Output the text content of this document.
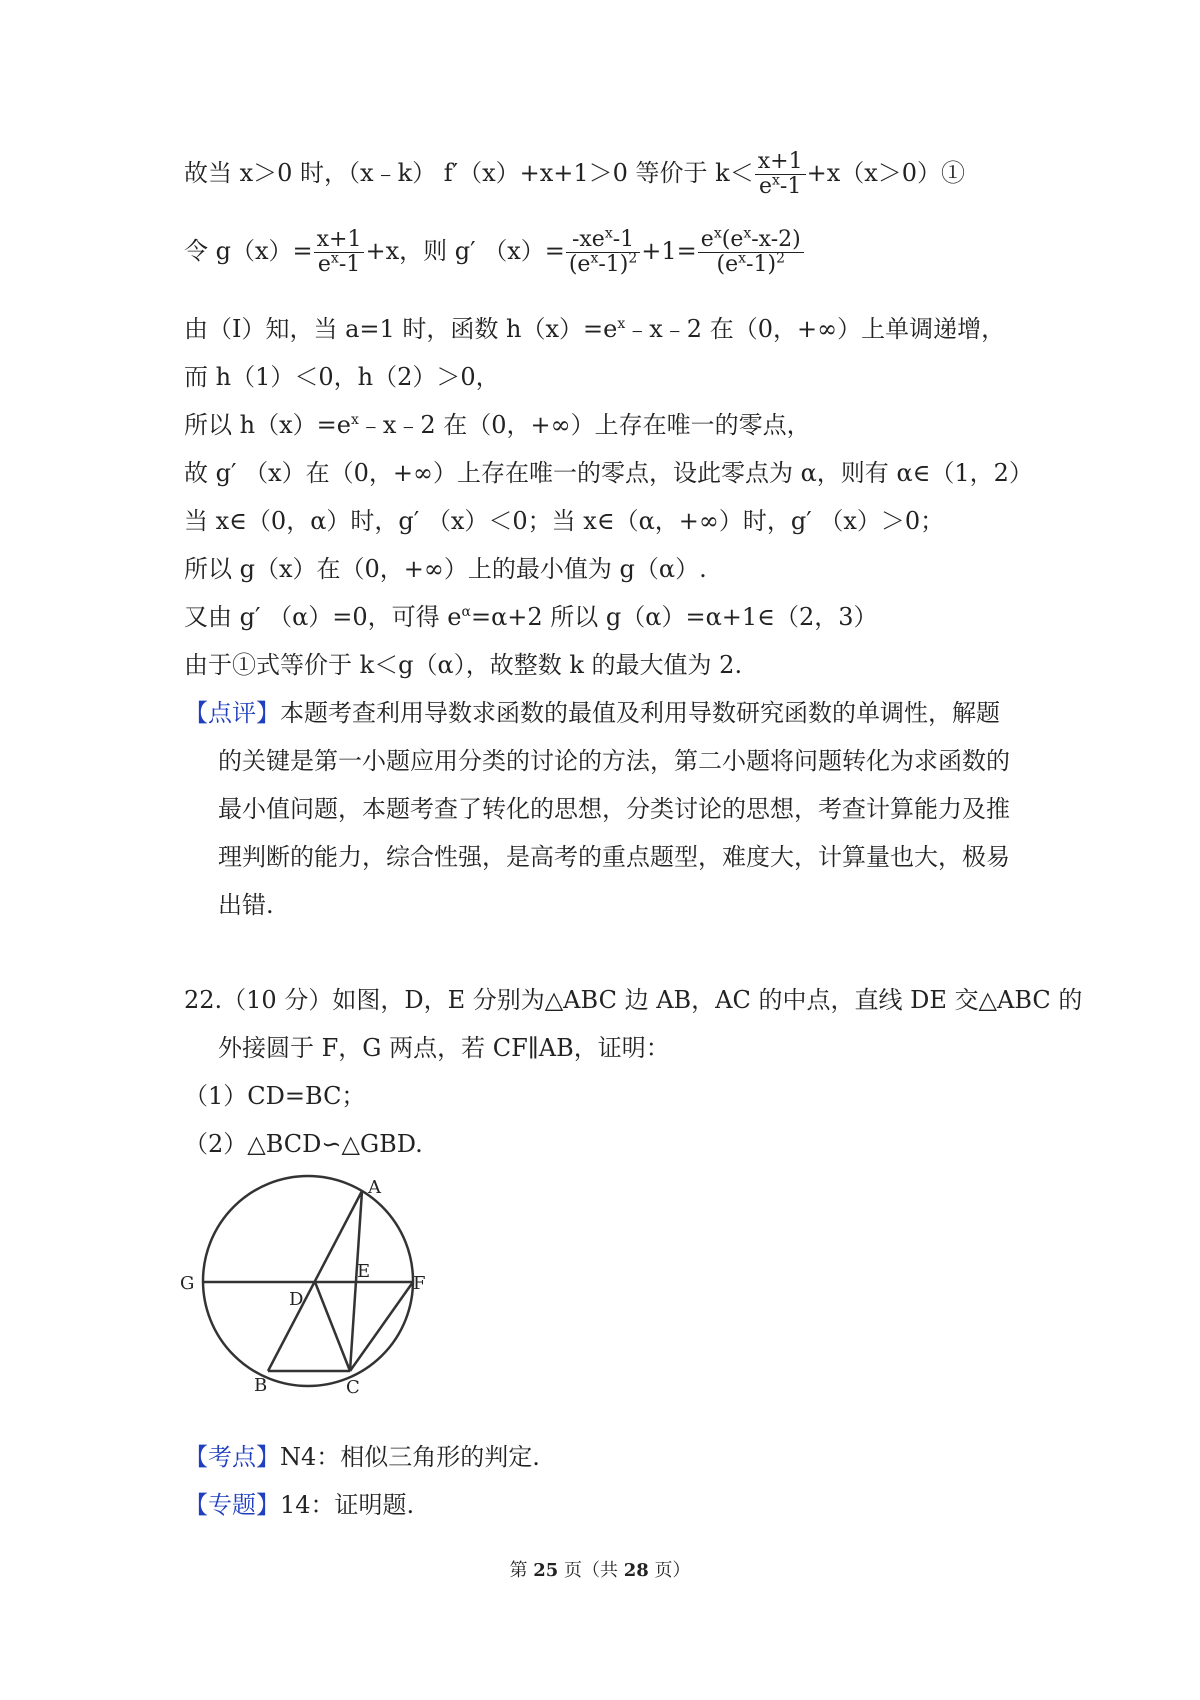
故当 x＞0 时，（x﹣k） f′（x）+x+1＞0 等价于 $k< \frac{x+1}{e^x-1}$ +x（x＞0）①
令 $g(x)= \frac{x+1}{e^x-1} +x$，则 g′ $(x)= \frac{-xe^x-1}{(e^x-1)^2} +1= \frac{e^x(e^x-x-2)}{(e^x-1)^2}$
由（I）知，当 a=1 时，函数 $h(x)=e^x﹣x﹣2$ 在（0，+∞）上单调递增，
而 h（1）＜0，h（2）＞0，
所以 $h(x)=e^x﹣x﹣2$ 在（0，+∞）上存在唯一的零点，
故 g′ （x）在（0，+∞）上存在唯一的零点，设此零点为 α，则有 α∈（1，2）
当 x∈（0，α）时，g′ （x）＜0；当 x∈（α，+∞）时，g′ （x）＞0；
所以 g（x）在（0，+∞）上的最小值为 g（α）.
又由 g′ （α）=0，可得 $e^\alpha=\alpha+2$ 所以 g（α）=α+1∈（2，3）
由于①式等价于 k＜g（α），故整数 k 的最大值为 2.
【点评】本题考查利用导数求函数的最值及利用导数研究函数的单调性，解题
的关键是第一小题应用分类的讨论的方法，第二小题将问题转化为求函数的
最小值问题，本题考查了转化的思想，分类讨论的思想，考查计算能力及推
理判断的能力，综合性强，是高考的重点题型，难度大，计算量也大，极易
出错.
22.（10 分）如图，D，E 分别为△ABC 边 AB，AC 的中点，直线 DE 交△ABC 的
外接圆于 F，G 两点，若 CF∥AB，证明：
（1）CD=BC；
（2）△BCD∽△GBD.
A
B	C
D
E
F
G
【考点】N4：相似三角形的判定.
【专题】14：证明题.
第 25 页（共 28 页）
